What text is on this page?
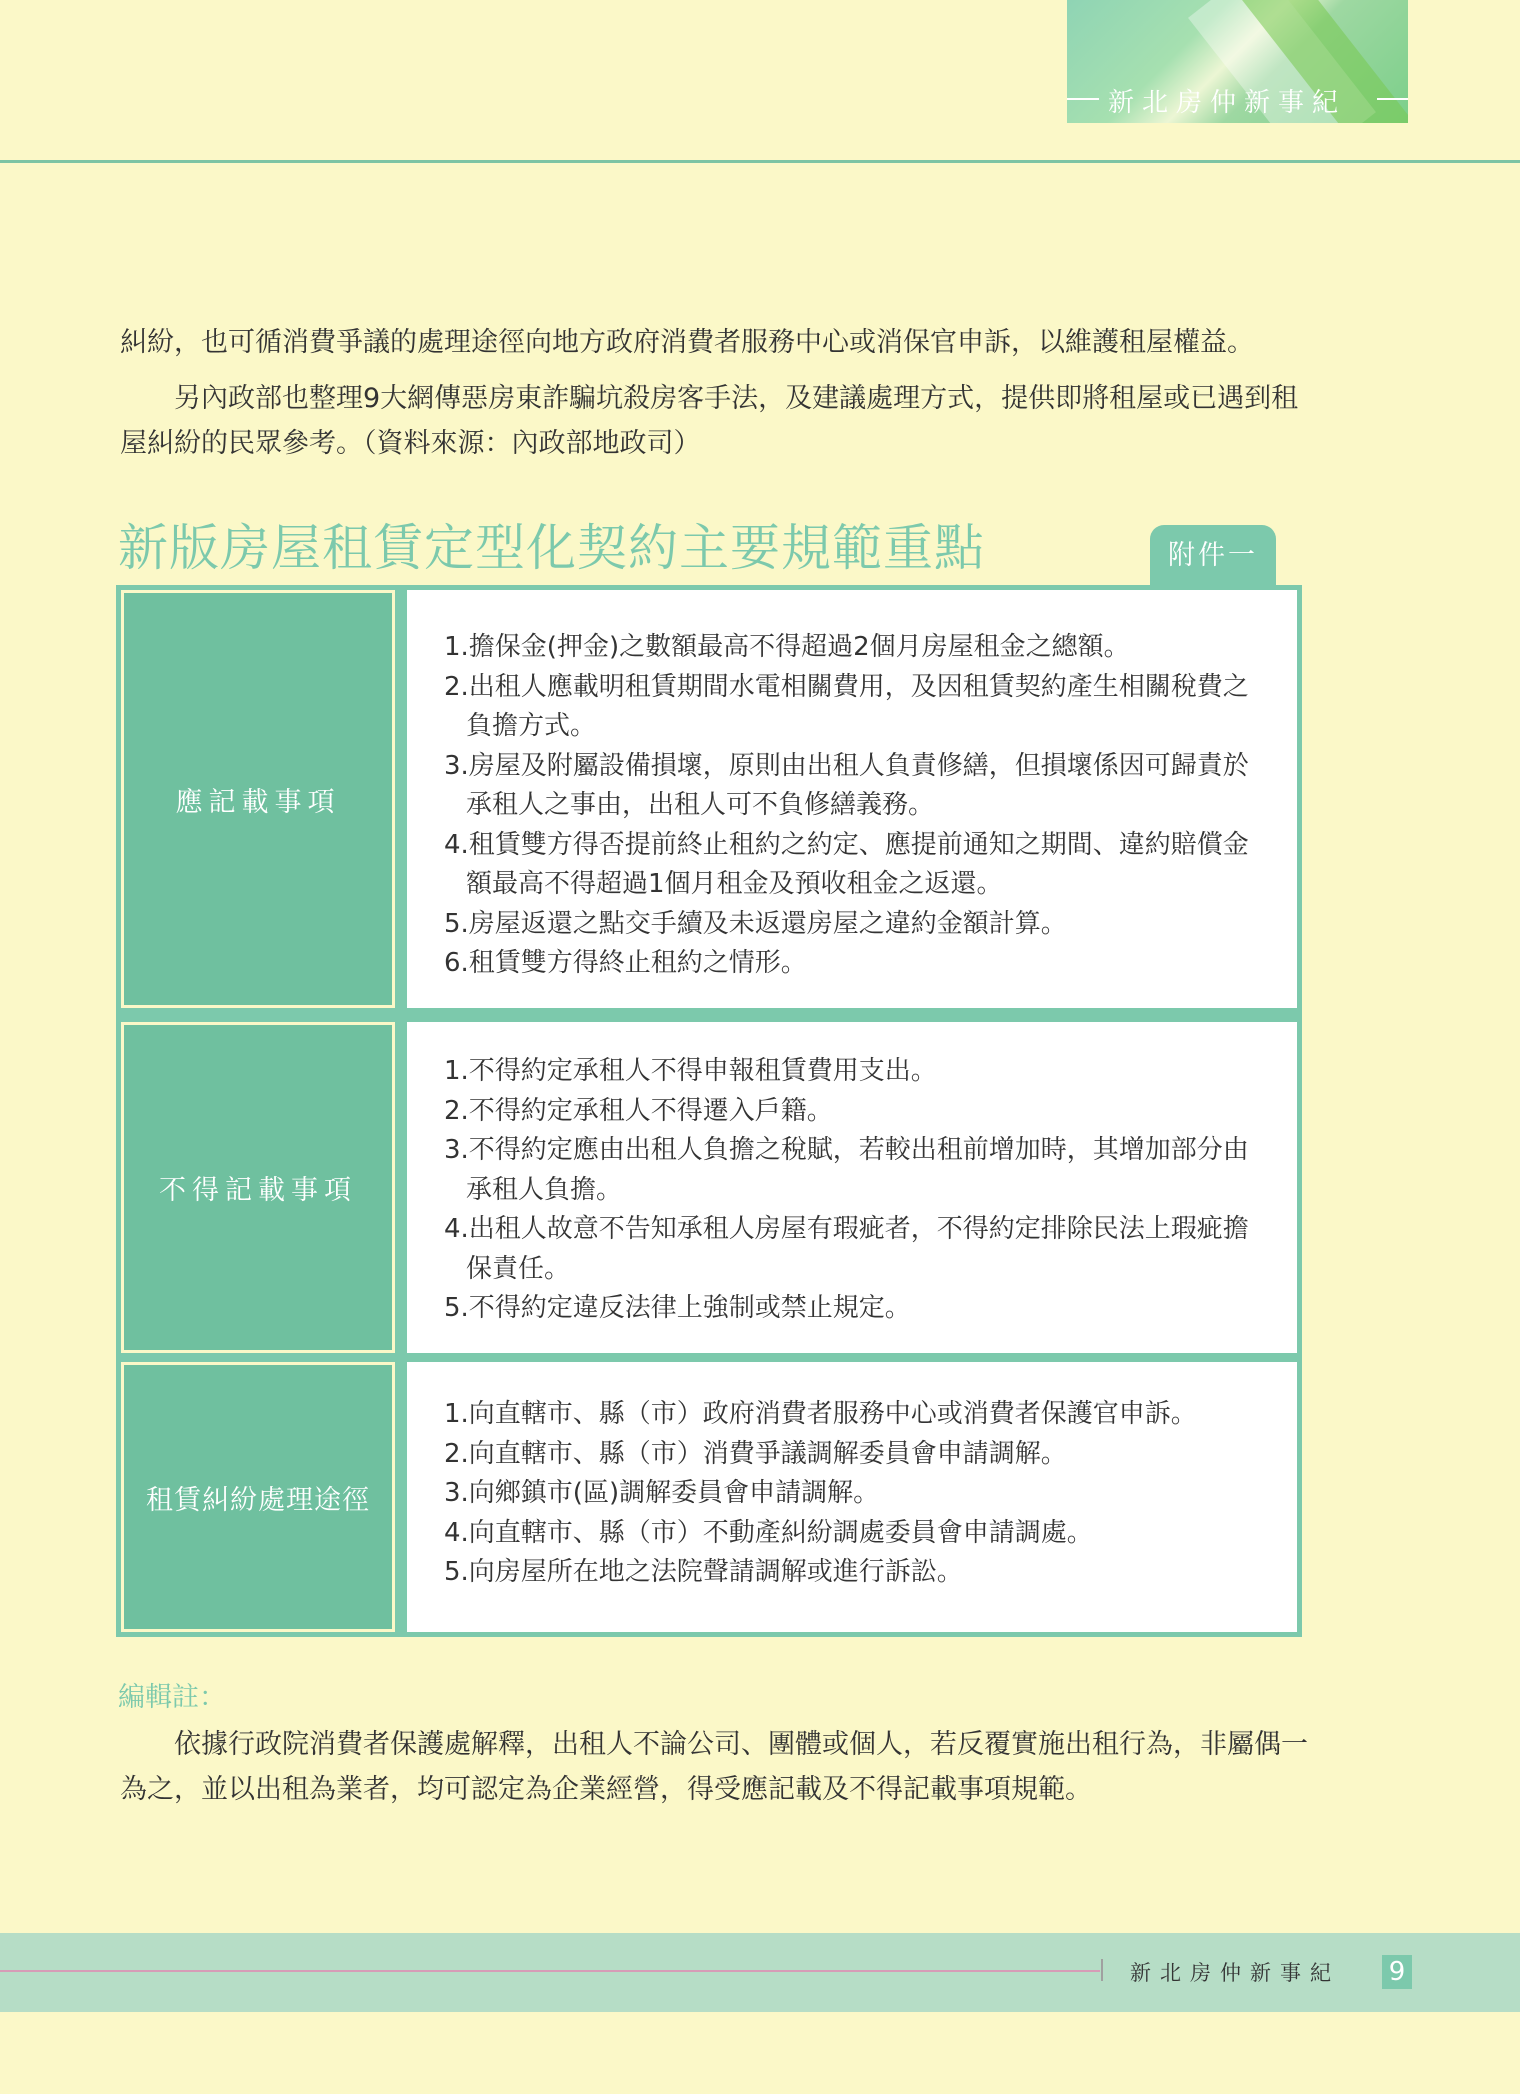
新北房仲新事紀

糾紛，也可循消費爭議的處理途徑向地方政府消費者服務中心或消保官申訴，以維護租屋權益。

另內政部也整理9大網傳惡房東詐騙坑殺房客手法，及建議處理方式，提供即將租屋或已遇到租屋糾紛的民眾參考。（資料來源：內政部地政司）

新版房屋租賃定型化契約主要規範重點	附件一
應記載事項
1.擔保金(押金)之數額最高不得超過2個月房屋租金之總額。
2.出租人應載明租賃期間水電相關費用，及因租賃契約產生相關稅費之負擔方式。
3.房屋及附屬設備損壞，原則由出租人負責修繕，但損壞係因可歸責於承租人之事由，出租人可不負修繕義務。
4.租賃雙方得否提前終止租約之約定、應提前通知之期間、違約賠償金額最高不得超過1個月租金及預收租金之返還。
5.房屋返還之點交手續及未返還房屋之違約金額計算。
6.租賃雙方得終止租約之情形。
不得記載事項
1.不得約定承租人不得申報租賃費用支出。
2.不得約定承租人不得遷入戶籍。
3.不得約定應由出租人負擔之稅賦，若較出租前增加時，其增加部分由承租人負擔。
4.出租人故意不告知承租人房屋有瑕疵者，不得約定排除民法上瑕疵擔保責任。
5.不得約定違反法律上強制或禁止規定。
租賃糾紛處理途徑
1.向直轄市、縣（市）政府消費者服務中心或消費者保護官申訴。
2.向直轄市、縣（市）消費爭議調解委員會申請調解。
3.向鄉鎮市(區)調解委員會申請調解。
4.向直轄市、縣（市）不動產糾紛調處委員會申請調處。
5.向房屋所在地之法院聲請調解或進行訴訟。
編輯註：

依據行政院消費者保護處解釋，出租人不論公司、團體或個人，若反覆實施出租行為，非屬偶一為之，並以出租為業者，均可認定為企業經營，得受應記載及不得記載事項規範。

新北房仲新事紀 9
